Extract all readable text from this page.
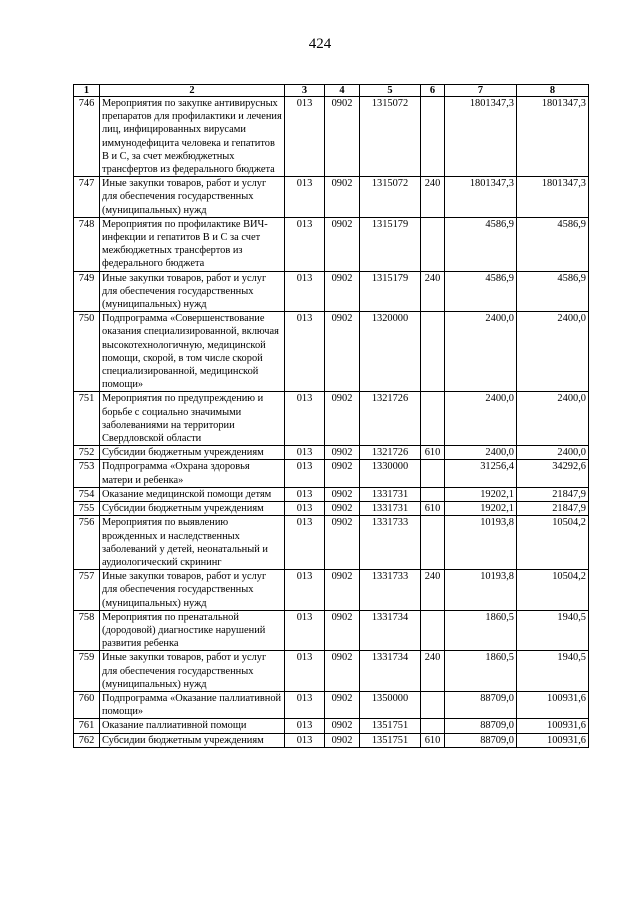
424
1	2	3	4	5	6	7	8
746	Мероприятия по закупке антивирусных препаратов для профилактики и лечения лиц, инфицированных вирусами иммунодефицита человека и гепатитов В и С, за счет межбюджетных трансфертов из федерального бюджета	013	0902	1315072		1801347,3	1801347,3
747	Иные закупки товаров, работ и услуг для обеспечения государственных (муниципальных) нужд	013	0902	1315072	240	1801347,3	1801347,3
748	Мероприятия по профилактике ВИЧ-инфекции и гепатитов В и С за счет межбюджетных трансфертов из федерального бюджета	013	0902	1315179		4586,9	4586,9
749	Иные закупки товаров, работ и услуг для обеспечения государственных (муниципальных) нужд	013	0902	1315179	240	4586,9	4586,9
750	Подпрограмма «Совершенствование оказания специализированной, включая высокотехнологичную, медицинской помощи, скорой, в том числе скорой специализированной, медицинской помощи»	013	0902	1320000		2400,0	2400,0
751	Мероприятия по предупреждению и борьбе с социально значимыми заболеваниями на территории Свердловской области	013	0902	1321726		2400,0	2400,0
752	Субсидии бюджетным учреждениям	013	0902	1321726	610	2400,0	2400,0
753	Подпрограмма «Охрана здоровья матери и ребенка»	013	0902	1330000		31256,4	34292,6
754	Оказание медицинской помощи детям	013	0902	1331731		19202,1	21847,9
755	Субсидии бюджетным учреждениям	013	0902	1331731	610	19202,1	21847,9
756	Мероприятия по выявлению врожденных и наследственных заболеваний у детей, неонатальный и аудиологический скрининг	013	0902	1331733		10193,8	10504,2
757	Иные закупки товаров, работ и услуг для обеспечения государственных (муниципальных) нужд	013	0902	1331733	240	10193,8	10504,2
758	Мероприятия по пренатальной (дородовой) диагностике нарушений развития ребенка	013	0902	1331734		1860,5	1940,5
759	Иные закупки товаров, работ и услуг для обеспечения государственных (муниципальных) нужд	013	0902	1331734	240	1860,5	1940,5
760	Подпрограмма «Оказание паллиативной помощи»	013	0902	1350000		88709,0	100931,6
761	Оказание паллиативной помощи	013	0902	1351751		88709,0	100931,6
762	Субсидии бюджетным учреждениям	013	0902	1351751	610	88709,0	100931,6
